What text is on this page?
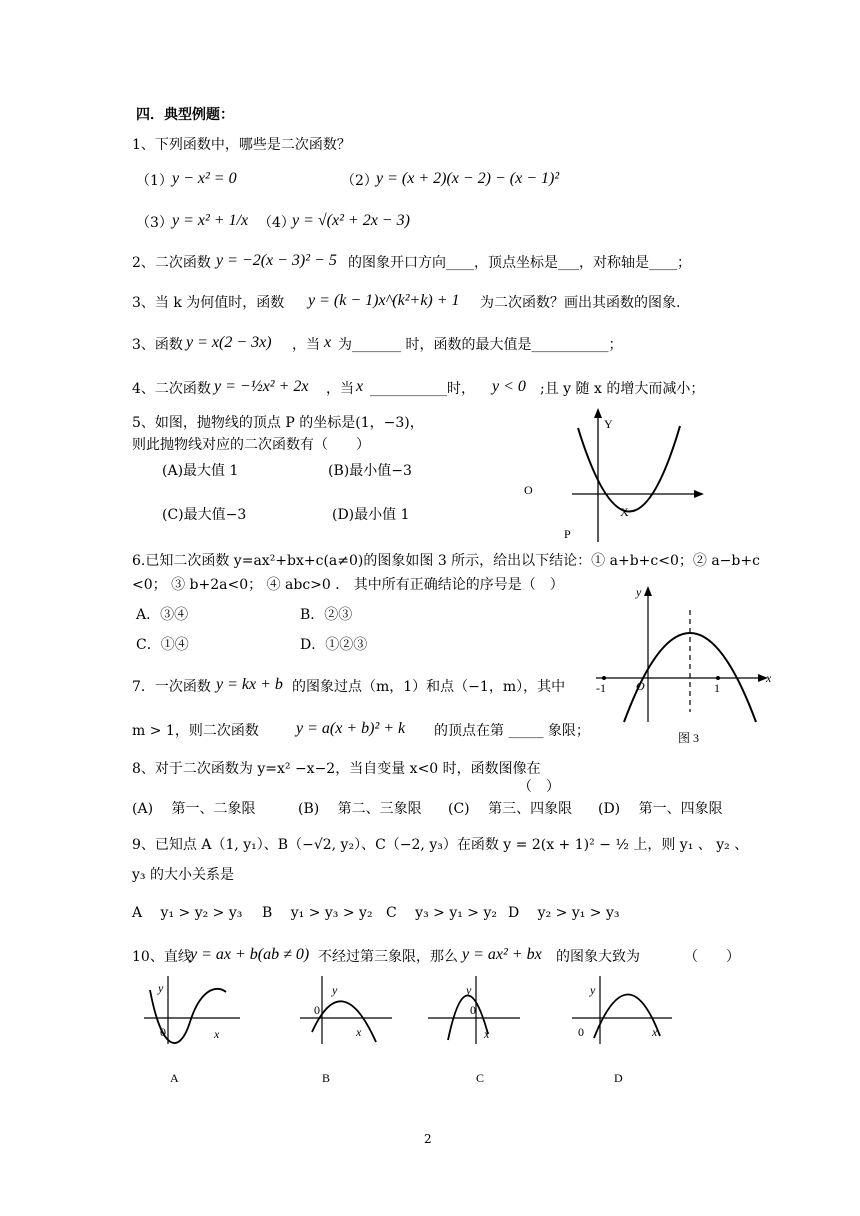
四．典型例题：
1、下列函数中，哪些是二次函数？
（1） y − x² = 0	（2）
y = (x + 2)(x − 2) − (x − 1)²
（3） y = x² + 1/x （4）
y = √(x² + 2x − 3)
2、二次函数 y = −2(x − 3)² − 5 的图象开口方向____，顶点坐标是___，对称轴是____；
3、当 k 为何值时，函数 y = (k − 1)x^(k²+k) + 1 为二次函数？画出其函数的图象.
3、函数 y = x(2 − 3x) ，当 x 为_______ 时，函数的最大值是___________；
4、二次函数 y = −½x² + 2x ，当 x ___________时， y < 0 ;且 y 随 x 的增大而减小；
5、如图，抛物线的顶点 P 的坐标是(1，−3)，
则此抛物线对应的二次函数有（　　）
(A)最大值 1	(B)最小值−3
(C)最大值−3	(D)最小值 1
Y
O
X
P
6.已知二次函数 y=ax²+bx+c(a≠0)的图象如图 3 所示，给出以下结论：① a+b+c<0；② a−b+c
<0； ③ b+2a<0； ④ abc>0 ． 其中所有正确结论的序号是（　）
A．③④	B．②③
C．①④	D．①②③
y
x
O
-1	1
图 3
7．一次函数 y = kx + b 的图象过点（m，1）和点（−1，m），其中
m > 1，则二次函数 y = a(x + b)² + k 的顶点在第 _____ 象限；
8、对于二次函数为 y=x² −x−2，当自变量 x<0 时，函数图像在
（　）
(A)　 第一、二象限	(B)　 第二、三象限 (C)　 第三、四象限 (D)　 第一、四象限
9、已知点 A（1, y₁）、B（−√2, y₂）、C（−2, y₃）在函数 y = 2(x + 1)² − ½ 上，则 y₁ 、 y₂ 、
y₃ 的大小关系是
A　 y₁ > y₂ > y₃ B　 y₁ > y₃ > y₂ C　 y₃ > y₁ > y₂ D　 y₂ > y₁ > y₃
10、直线
y = ax + b(ab ≠ 0) 不经过第三象限，那么 y = ax² + bx 的图象大致为	（　　）
y
0	x
A
y
0
x
B
y
0
x
C
y
0	x
D
2
